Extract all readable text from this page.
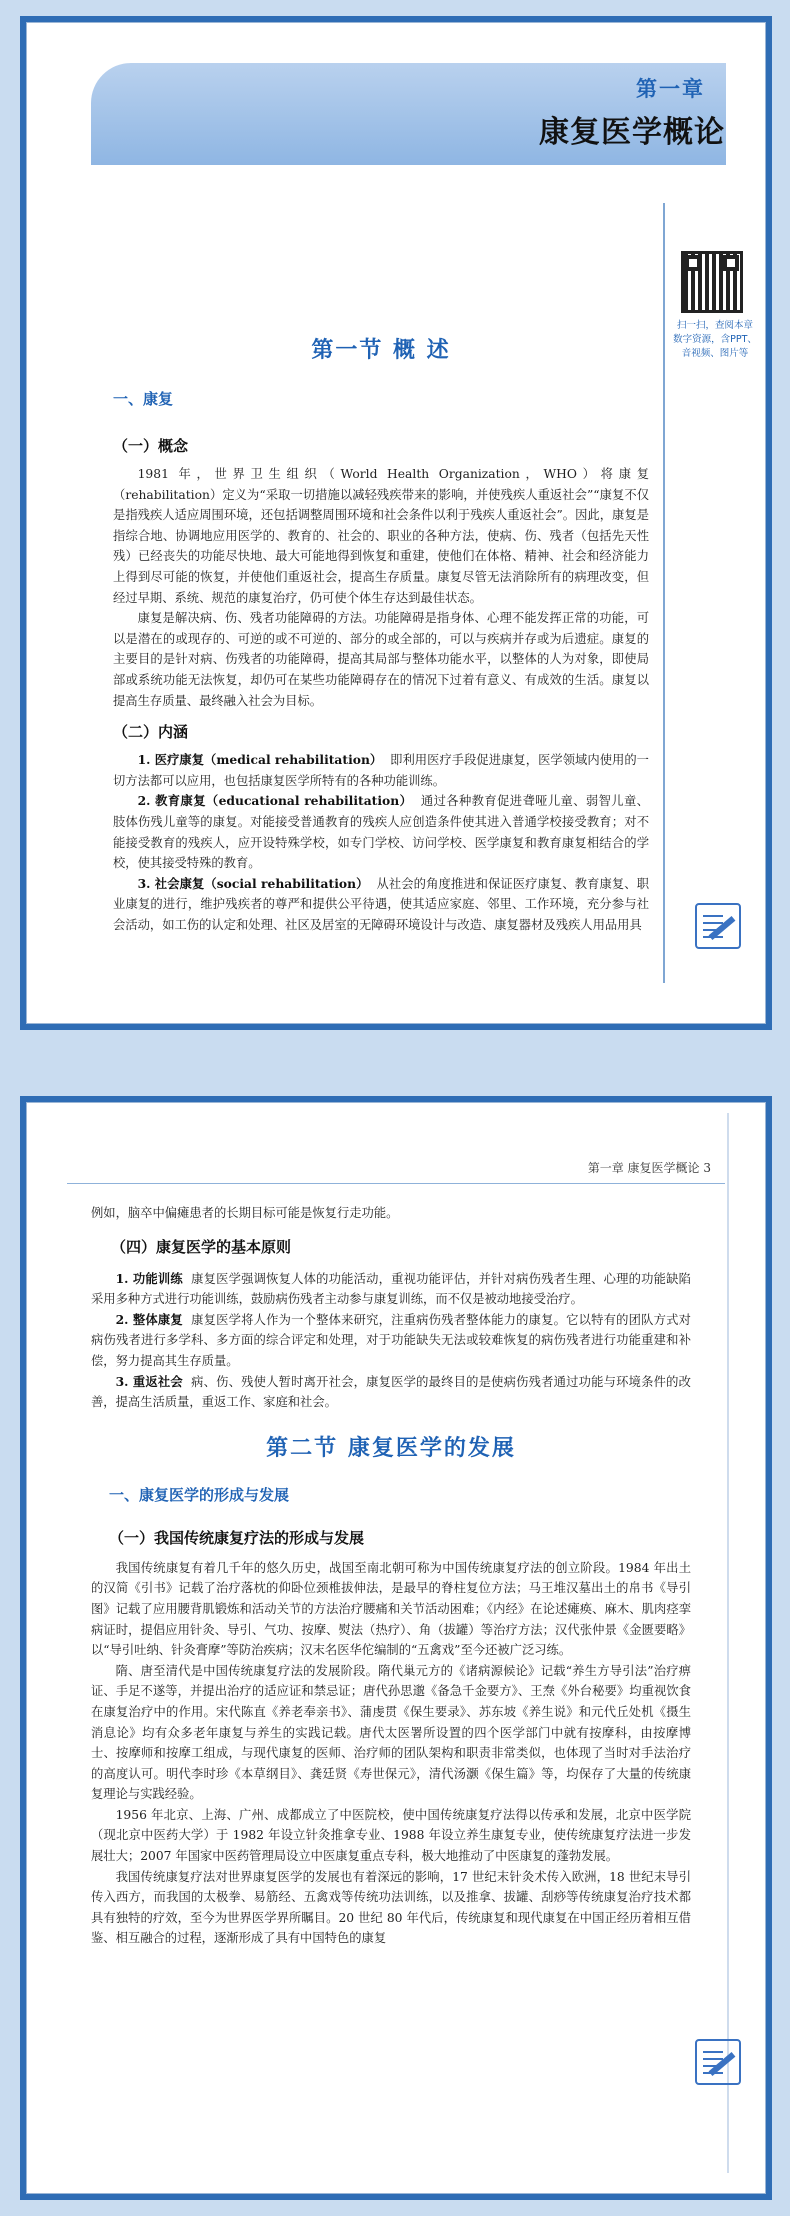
第一章
康复医学概论
扫一扫，查阅本章数字资源，含PPT、音视频、图片等
第一节 概 述
一、康复
（一）概念

1981 年，世界卫生组织（World Health Organization，WHO）将康复（rehabilitation）定义为“采取一切措施以减轻残疾带来的影响，并使残疾人重返社会”“康复不仅是指残疾人适应周围环境，还包括调整周围环境和社会条件以利于残疾人重返社会”。因此，康复是指综合地、协调地应用医学的、教育的、社会的、职业的各种方法，使病、伤、残者（包括先天性残）已经丧失的功能尽快地、最大可能地得到恢复和重建，使他们在体格、精神、社会和经济能力上得到尽可能的恢复，并使他们重返社会，提高生存质量。康复尽管无法消除所有的病理改变，但经过早期、系统、规范的康复治疗，仍可使个体生存达到最佳状态。

康复是解决病、伤、残者功能障碍的方法。功能障碍是指身体、心理不能发挥正常的功能，可以是潜在的或现存的、可逆的或不可逆的、部分的或全部的，可以与疾病并存或为后遗症。康复的主要目的是针对病、伤残者的功能障碍，提高其局部与整体功能水平，以整体的人为对象，即使局部或系统功能无法恢复，却仍可在某些功能障碍存在的情况下过着有意义、有成效的生活。康复以提高生存质量、最终融入社会为目标。

（二）内涵

1. 医疗康复（medical rehabilitation） 即利用医疗手段促进康复，医学领域内使用的一切方法都可以应用，也包括康复医学所特有的各种功能训练。

2. 教育康复（educational rehabilitation） 通过各种教育促进聋哑儿童、弱智儿童、肢体伤残儿童等的康复。对能接受普通教育的残疾人应创造条件使其进入普通学校接受教育；对不能接受教育的残疾人，应开设特殊学校，如专门学校、访问学校、医学康复和教育康复相结合的学校，使其接受特殊的教育。

3. 社会康复（social rehabilitation） 从社会的角度推进和保证医疗康复、教育康复、职业康复的进行，维护残疾者的尊严和提供公平待遇，使其适应家庭、邻里、工作环境，充分参与社会活动，如工伤的认定和处理、社区及居室的无障碍环境设计与改造、康复器材及残疾人用品用具

第一章 康复医学概论 3

例如，脑卒中偏瘫患者的长期目标可能是恢复行走功能。

（四）康复医学的基本原则

1. 功能训练 康复医学强调恢复人体的功能活动，重视功能评估，并针对病伤残者生理、心理的功能缺陷采用多种方式进行功能训练，鼓励病伤残者主动参与康复训练，而不仅是被动地接受治疗。

2. 整体康复 康复医学将人作为一个整体来研究，注重病伤残者整体能力的康复。它以特有的团队方式对病伤残者进行多学科、多方面的综合评定和处理，对于功能缺失无法或较难恢复的病伤残者进行功能重建和补偿，努力提高其生存质量。

3. 重返社会 病、伤、残使人暂时离开社会，康复医学的最终目的是使病伤残者通过功能与环境条件的改善，提高生活质量，重返工作、家庭和社会。

第二节 康复医学的发展
一、康复医学的形成与发展
（一）我国传统康复疗法的形成与发展

我国传统康复有着几千年的悠久历史，战国至南北朝可称为中国传统康复疗法的创立阶段。1984 年出土的汉简《引书》记载了治疗落枕的仰卧位颈椎拔伸法，是最早的脊柱复位方法；马王堆汉墓出土的帛书《导引图》记载了应用腰背肌锻炼和活动关节的方法治疗腰痛和关节活动困难；《内经》在论述瘫痪、麻木、肌肉痉挛病证时，提倡应用针灸、导引、气功、按摩、熨法（热疗）、角（拔罐）等治疗方法；汉代张仲景《金匮要略》以“导引吐纳、针灸膏摩”等防治疾病；汉末名医华佗编制的“五禽戏”至今还被广泛习练。

隋、唐至清代是中国传统康复疗法的发展阶段。隋代巢元方的《诸病源候论》记载“养生方导引法”治疗痹证、手足不遂等，并提出治疗的适应证和禁忌证；唐代孙思邈《备急千金要方》、王焘《外台秘要》均重视饮食在康复治疗中的作用。宋代陈直《养老奉亲书》、蒲虔贯《保生要录》、苏东坡《养生说》和元代丘处机《摄生消息论》均有众多老年康复与养生的实践记载。唐代太医署所设置的四个医学部门中就有按摩科，由按摩博士、按摩师和按摩工组成，与现代康复的医师、治疗师的团队架构和职责非常类似，也体现了当时对手法治疗的高度认可。明代李时珍《本草纲目》、龚廷贤《寿世保元》，清代汤灏《保生篇》等，均保存了大量的传统康复理论与实践经验。

1956 年北京、上海、广州、成都成立了中医院校，使中国传统康复疗法得以传承和发展，北京中医学院（现北京中医药大学）于 1982 年设立针灸推拿专业、1988 年设立养生康复专业，使传统康复疗法进一步发展壮大；2007 年国家中医药管理局设立中医康复重点专科，极大地推动了中医康复的蓬勃发展。

我国传统康复疗法对世界康复医学的发展也有着深远的影响，17 世纪末针灸术传入欧洲，18 世纪末导引传入西方，而我国的太极拳、易筋经、五禽戏等传统功法训练，以及推拿、拔罐、刮痧等传统康复治疗技术都具有独特的疗效，至今为世界医学界所瞩目。20 世纪 80 年代后，传统康复和现代康复在中国正经历着相互借鉴、相互融合的过程，逐渐形成了具有中国特色的康复
